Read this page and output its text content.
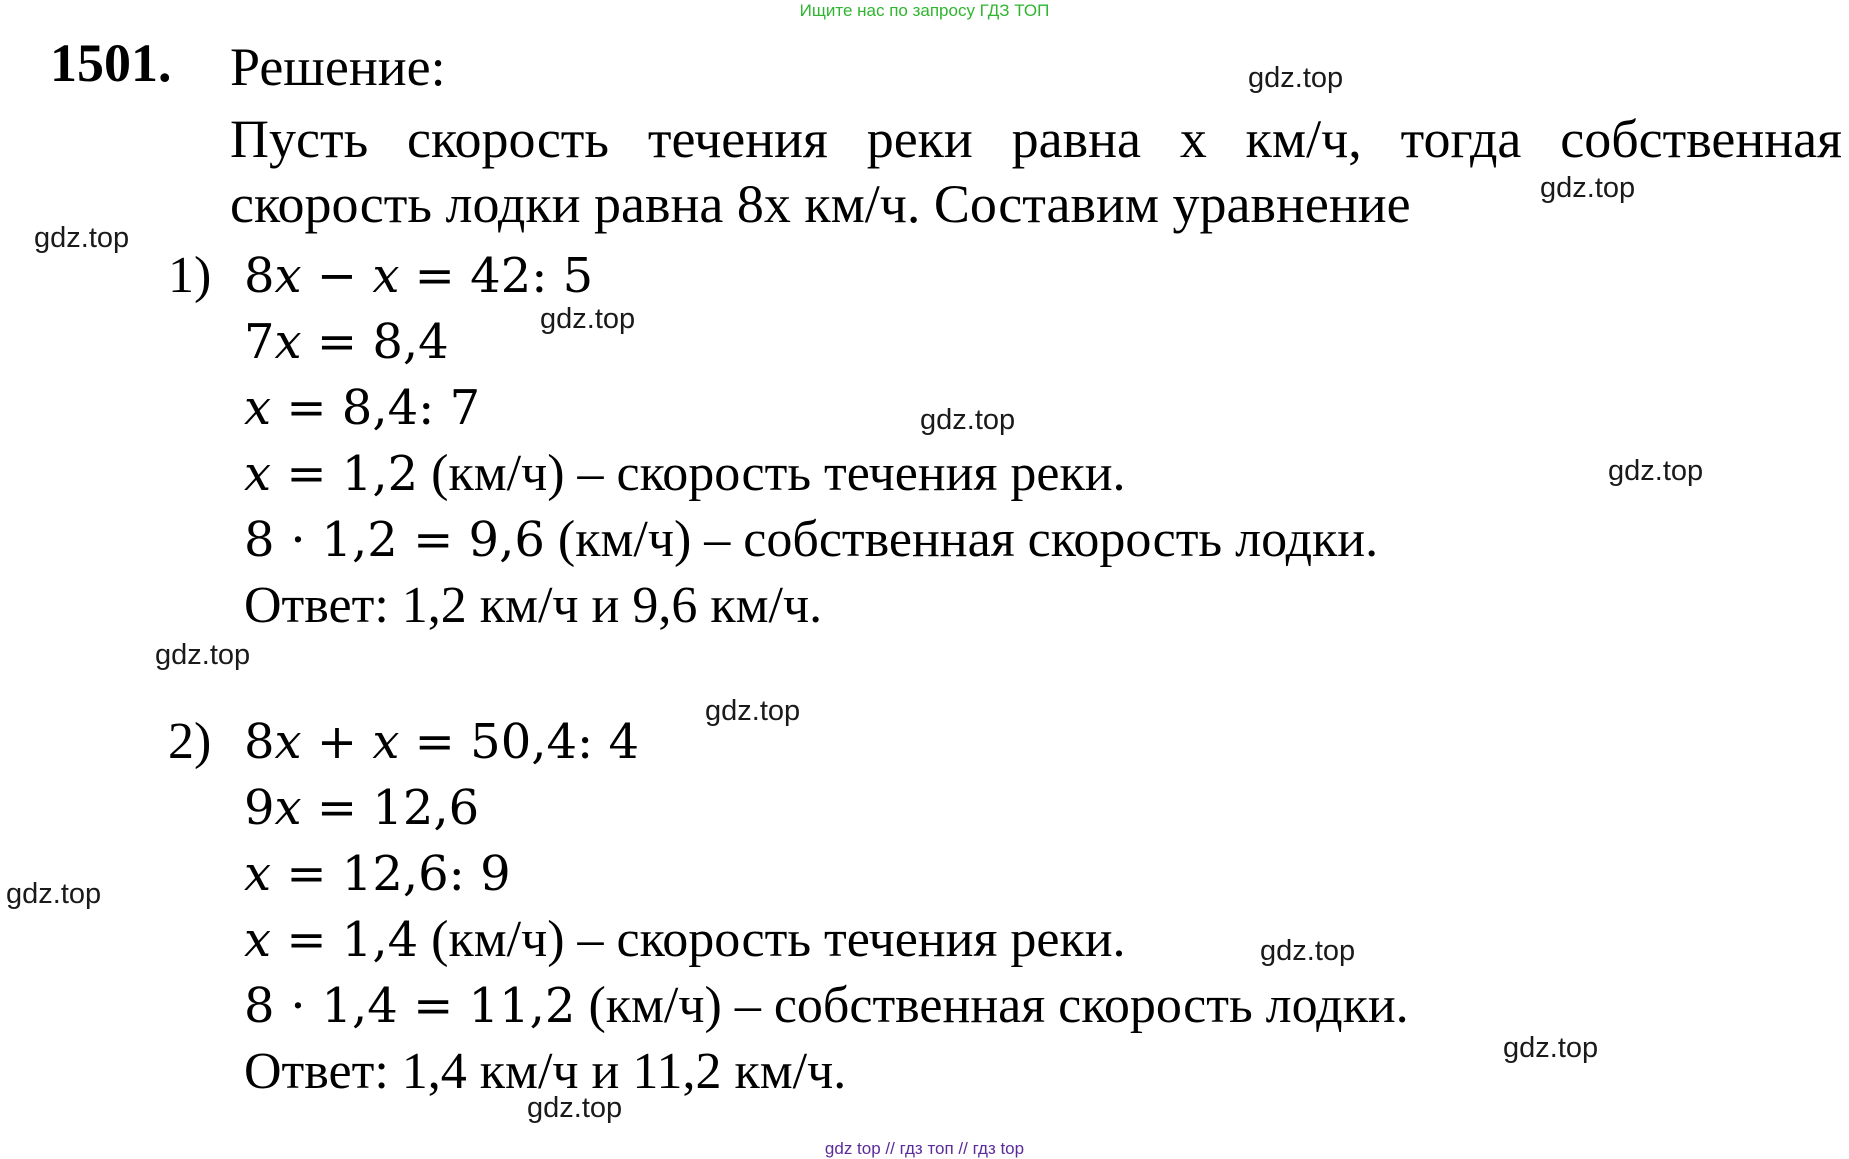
Ищите нас по запросу ГДЗ ТОП
1501. Решение:
Пусть скорость течения реки равна х км/ч, тогда собственная
скорость лодки равна 8х км/ч. Составим уравнение
1) 8𝑥 − 𝑥 = 42: 5
7𝑥 = 8,4
𝑥 = 8,4: 7
𝑥 = 1,2 (км/ч) – скорость течения реки.
8 ⋅ 1,2 = 9,6 (км/ч) – собственная скорость лодки.
Ответ: 1,2 км/ч и 9,6 км/ч.
2) 8𝑥 + 𝑥 = 50,4: 4
9𝑥 = 12,6
𝑥 = 12,6: 9
𝑥 = 1,4 (км/ч) – скорость течения реки.
8 ⋅ 1,4 = 11,2 (км/ч) – собственная скорость лодки.
Ответ: 1,4 км/ч и 11,2 км/ч.
gdz.top
gdz.top
gdz.top
gdz.top
gdz.top
gdz.top
gdz.top
gdz.top
gdz.top
gdz.top
gdz.top
gdz.top
gdz top // гдз топ // гдз top
